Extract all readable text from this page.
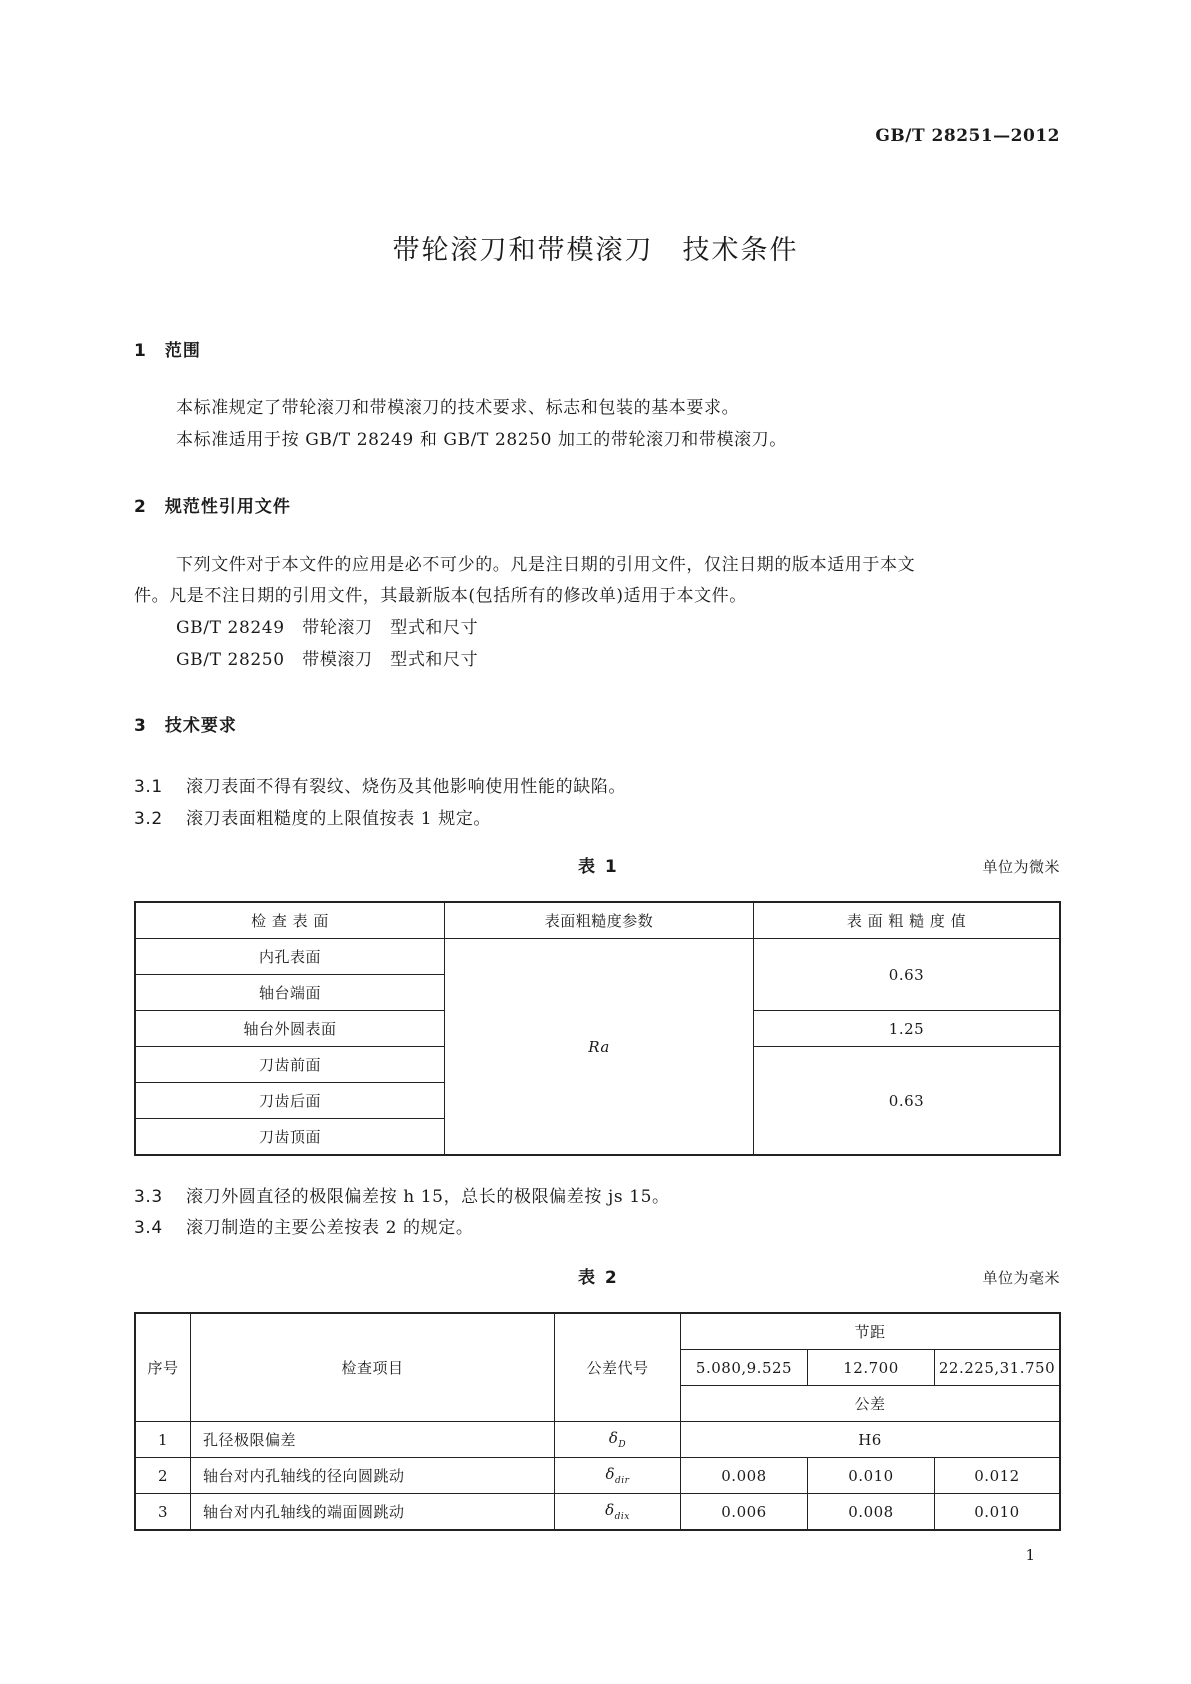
GB/T 28251—2012
带轮滚刀和带模滚刀　技术条件
1　范围
本标准规定了带轮滚刀和带模滚刀的技术要求、标志和包装的基本要求。
本标准适用于按 GB/T 28249 和 GB/T 28250 加工的带轮滚刀和带模滚刀。
2　规范性引用文件
下列文件对于本文件的应用是必不可少的。凡是注日期的引用文件，仅注日期的版本适用于本文
件。凡是不注日期的引用文件，其最新版本(包括所有的修改单)适用于本文件。
GB/T 28249　带轮滚刀　型式和尺寸
GB/T 28250　带模滚刀　型式和尺寸
3　技术要求
3.1 滚刀表面不得有裂纹、烧伤及其他影响使用性能的缺陷。
3.2 滚刀表面粗糙度的上限值按表 1 规定。
表 1	单位为微米
检 查 表 面	表面粗糙度参数	表 面 粗 糙 度 值
内孔表面	Ra	0.63
轴台端面		
轴台外圆表面		1.25
刀齿前面		0.63
刀齿后面		
刀齿顶面		
3.3 滚刀外圆直径的极限偏差按 h 15，总长的极限偏差按 js 15。
3.4 滚刀制造的主要公差按表 2 的规定。
表 2	单位为毫米
序号	检查项目	公差代号	节距		
			5.080,9.525	12.700	22.225,31.750
			公差		
1	孔径极限偏差	$\delta_D$	H6		
2	轴台对内孔轴线的径向圆跳动	$\delta_{dir}$	0.008	0.010	0.012
3	轴台对内孔轴线的端面圆跳动	$\delta_{dix}$	0.006	0.008	0.010
1
